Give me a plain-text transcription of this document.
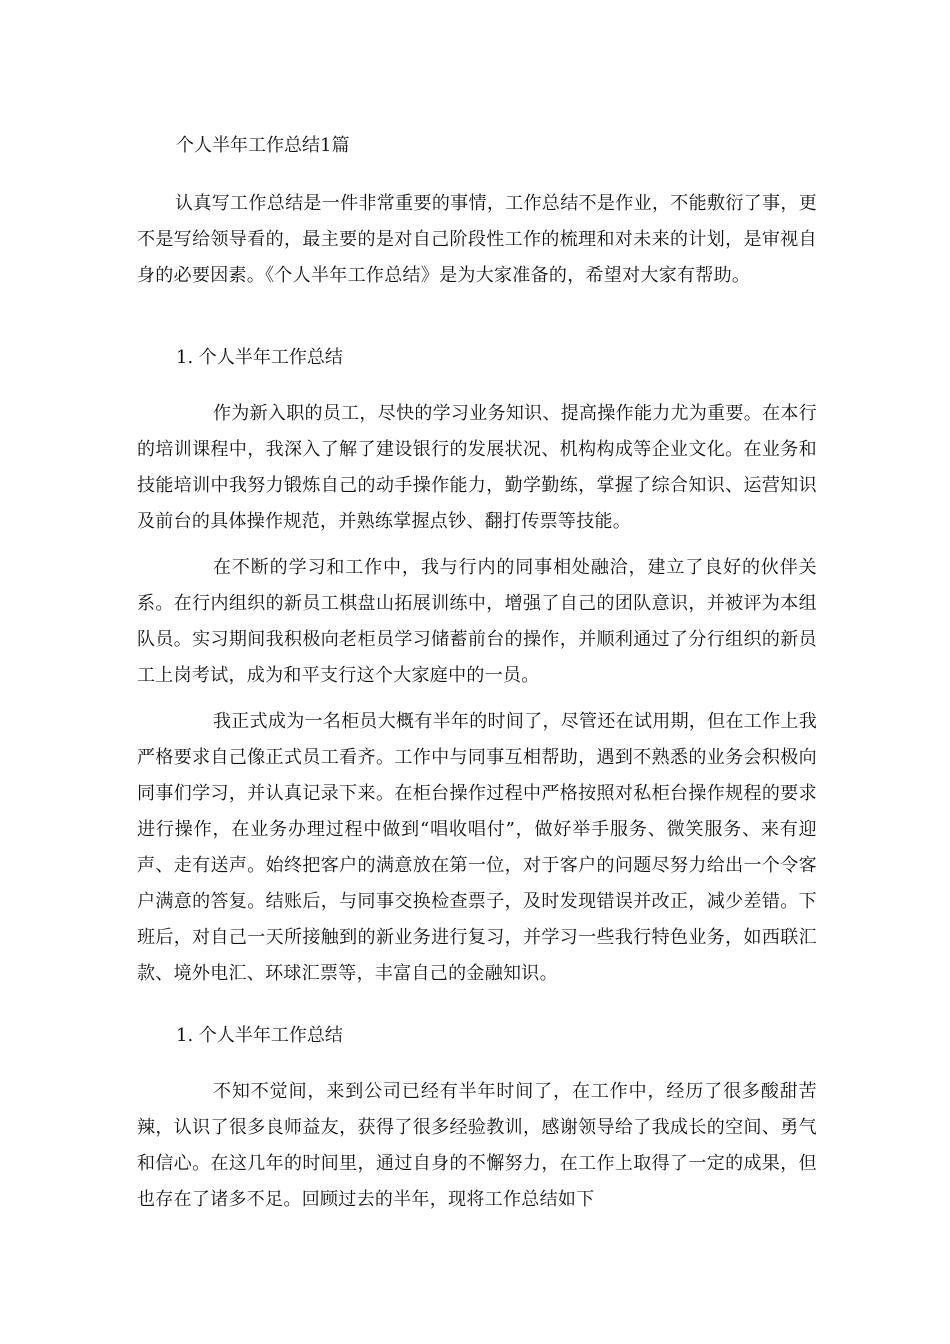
个人半年工作总结1篇

认真写工作总结是一件非常重要的事情，工作总结不是作业，不能敷衍了事，更不是写给领导看的，最主要的是对自己阶段性工作的梳理和对未来的计划，是审视自身的必要因素。《个人半年工作总结》是为大家准备的，希望对大家有帮助。

1. 个人半年工作总结

作为新入职的员工，尽快的学习业务知识、提高操作能力尤为重要。在本行的培训课程中，我深入了解了建设银行的发展状况、机构构成等企业文化。在业务和技能培训中我努力锻炼自己的动手操作能力，勤学勤练，掌握了综合知识、运营知识及前台的具体操作规范，并熟练掌握点钞、翻打传票等技能。

在不断的学习和工作中，我与行内的同事相处融洽，建立了良好的伙伴关系。在行内组织的新员工棋盘山拓展训练中，增强了自己的团队意识，并被评为本组队员。实习期间我积极向老柜员学习储蓄前台的操作，并顺利通过了分行组织的新员工上岗考试，成为和平支行这个大家庭中的一员。

我正式成为一名柜员大概有半年的时间了，尽管还在试用期，但在工作上我严格要求自己像正式员工看齐。工作中与同事互相帮助，遇到不熟悉的业务会积极向同事们学习，并认真记录下来。在柜台操作过程中严格按照对私柜台操作规程的要求进行操作，在业务办理过程中做到“唱收唱付”，做好举手服务、微笑服务、来有迎声、走有送声。始终把客户的满意放在第一位，对于客户的问题尽努力给出一个令客户满意的答复。结账后，与同事交换检查票子，及时发现错误并改正，减少差错。下班后，对自己一天所接触到的新业务进行复习，并学习一些我行特色业务，如西联汇款、境外电汇、环球汇票等，丰富自己的金融知识。

1. 个人半年工作总结

不知不觉间，来到公司已经有半年时间了，在工作中，经历了很多酸甜苦辣，认识了很多良师益友，获得了很多经验教训，感谢领导给了我成长的空间、勇气和信心。在这几年的时间里，通过自身的不懈努力，在工作上取得了一定的成果，但也存在了诸多不足。回顾过去的半年，现将工作总结如下
